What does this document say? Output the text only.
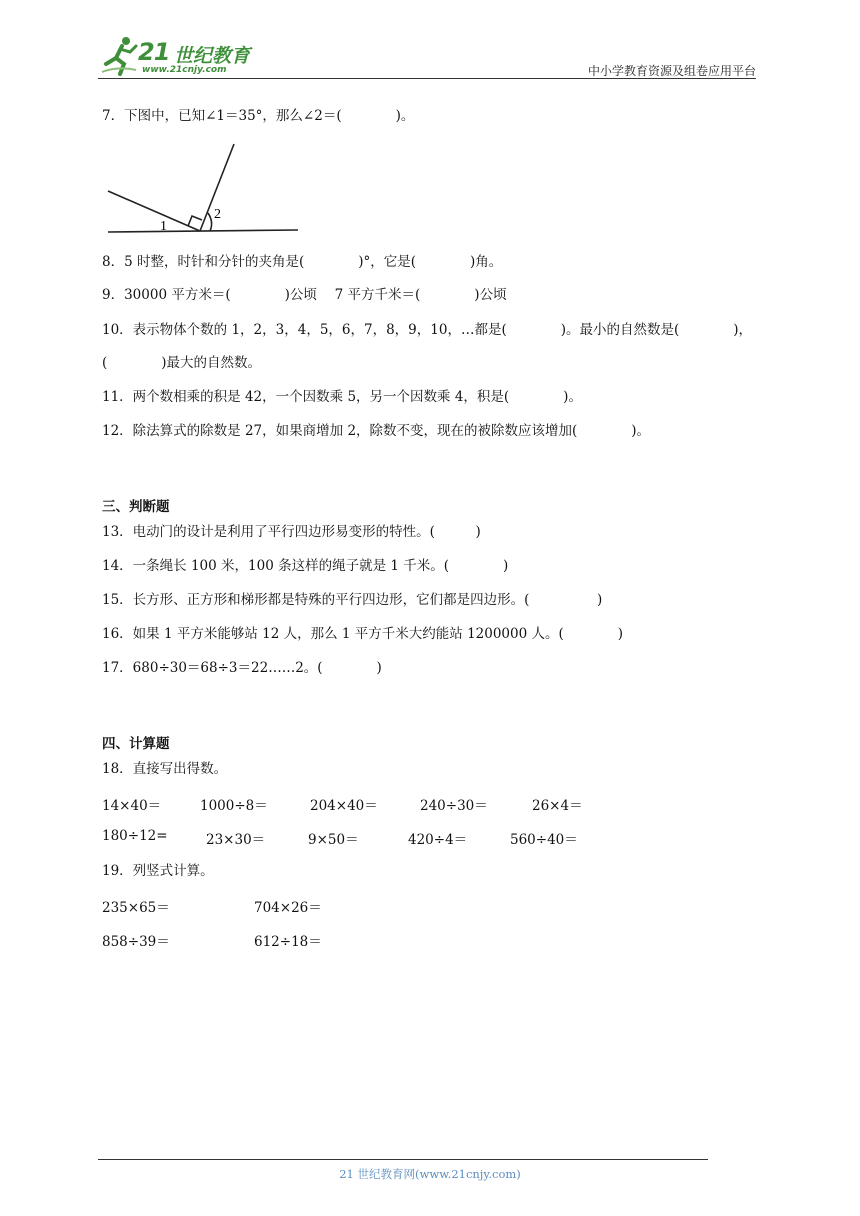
21 世纪教育
www.21cnjy.com	中小学教育资源及组卷应用平台
7．下图中，已知∠1＝35°，那么∠2＝(　　　　)。
1
2
8．5 时整，时针和分针的夹角是(　　　　)°，它是(　　　　)角。
9．30000 平方米＝(　　　　)公顷　 7 平方千米＝(　　　　)公顷
10．表示物体个数的 1，2，3，4，5，6，7，8，9，10，…都是(　　　　)。最小的自然数是(　　　　)，
(　　　　)最大的自然数。
11．两个数相乘的积是 42，一个因数乘 5，另一个因数乘 4，积是(　　　　)。
12．除法算式的除数是 27，如果商增加 2，除数不变，现在的被除数应该增加(　　　　)。
三、判断题
13．电动门的设计是利用了平行四边形易变形的特性。(　　　)
14．一条绳长 100 米，100 条这样的绳子就是 1 千米。(　　　　)
15．长方形、正方形和梯形都是特殊的平行四边形，它们都是四边形。(　　　　　)
16．如果 1 平方米能够站 12 人，那么 1 平方千米大约能站 1200000 人。(　　　　)
17．680÷30＝68÷3＝22……2。(　　　　)
四、计算题
18．直接写出得数。
14×40＝	1000÷8＝	204×40＝	240÷30＝	26×4＝
180÷12=	23×30＝	9×50＝	420÷4＝	560÷40＝
19．列竖式计算。
235×65＝	704×26＝
858÷39＝	612÷18＝
21 世纪教育网(www.21cnjy.com)
